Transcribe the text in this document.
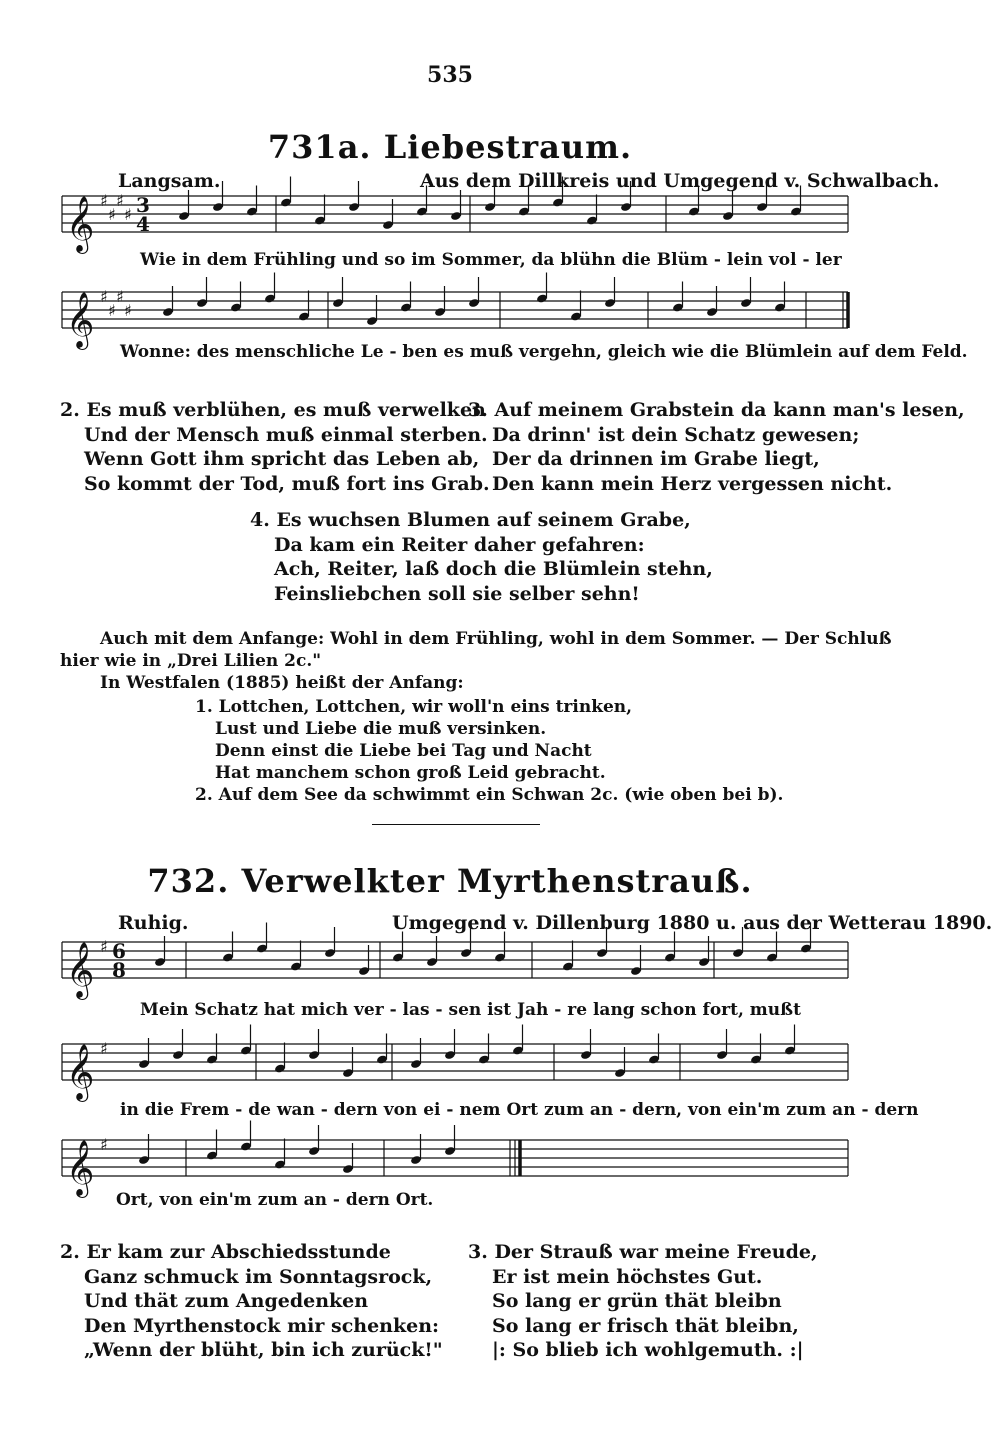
535
731a. Liebestraum.
Langsam.	Aus dem Dillkreis und Umgegend v. Schwalbach.
𝄞 ♯
♯
♯
♯ 3
4
𝄞 ♯
♯
♯
♯
𝄞 ♯ 6
8
𝄞 ♯
𝄞 ♯
Wie in dem Frühling und so im Sommer, da blühn die Blüm - lein vol - ler
Wonne: des menschliche Le - ben es muß vergehn, gleich wie die Blümlein auf dem Feld.
2. Es muß verblühen, es muß verwelken
Und der Mensch muß einmal sterben.
Wenn Gott ihm spricht das Leben ab,
So kommt der Tod, muß fort ins Grab.
3. Auf meinem Grabstein da kann man's lesen,
Da drinn' ist dein Schatz gewesen;
Der da drinnen im Grabe liegt,
Den kann mein Herz vergessen nicht.
4. Es wuchsen Blumen auf seinem Grabe,
Da kam ein Reiter daher gefahren:
Ach, Reiter, laß doch die Blümlein stehn,
Feinsliebchen soll sie selber sehn!
Auch mit dem Anfange: Wohl in dem Frühling, wohl in dem Sommer. — Der Schluß
hier wie in „Drei Lilien 2c."
In Westfalen (1885) heißt der Anfang:
1. Lottchen, Lottchen, wir woll'n eins trinken,
Lust und Liebe die muß versinken.
Denn einst die Liebe bei Tag und Nacht
Hat manchem schon groß Leid gebracht.
2. Auf dem See da schwimmt ein Schwan 2c. (wie oben bei b).
732. Verwelkter Myrthenstrauß.
Ruhig.	Umgegend v. Dillenburg 1880 u. aus der Wetterau 1890.
Mein Schatz hat mich ver - las - sen ist Jah - re lang schon fort, mußt
in die Frem - de wan - dern von ei - nem Ort zum an - dern, von ein'm zum an - dern
Ort, von ein'm zum an - dern Ort.
2. Er kam zur Abschiedsstunde
Ganz schmuck im Sonntagsrock,
Und thät zum Angedenken
Den Myrthenstock mir schenken:
„Wenn der blüht, bin ich zurück!"
3. Der Strauß war meine Freude,
Er ist mein höchstes Gut.
So lang er grün thät bleibn
So lang er frisch thät bleibn,
|: So blieb ich wohlgemuth. :|
